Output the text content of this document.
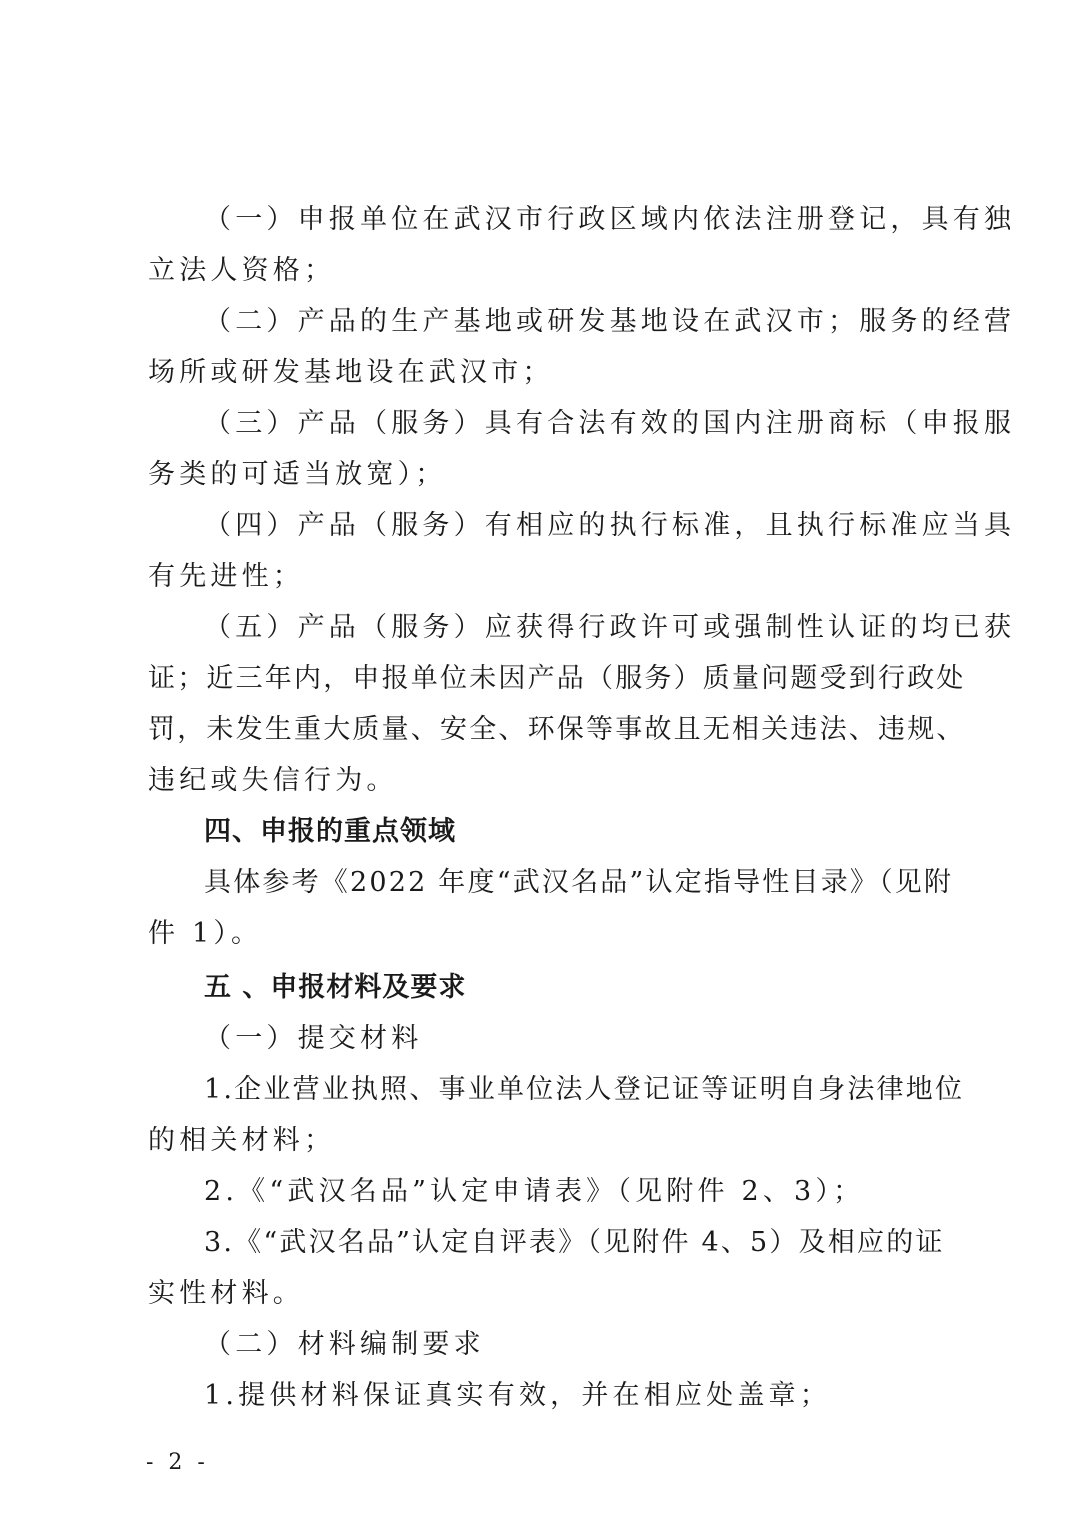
（一）申报单位在武汉市行政区域内依法注册登记，具有独
立法人资格；
（二）产品的生产基地或研发基地设在武汉市；服务的经营
场所或研发基地设在武汉市；
（三）产品（服务）具有合法有效的国内注册商标（申报服
务类的可适当放宽）；
（四）产品（服务）有相应的执行标准，且执行标准应当具
有先进性；
（五）产品（服务）应获得行政许可或强制性认证的均已获
证；近三年内，申报单位未因产品（服务）质量问题受到行政处
罚，未发生重大质量、安全、环保等事故且无相关违法、违规、
违纪或失信行为。
四、申报的重点领域
具体参考《2022 年度“武汉名品”认定指导性目录》（见附
件 1）。
五 、申报材料及要求
（一）提交材料
1.企业营业执照、事业单位法人登记证等证明自身法律地位
的相关材料；
2.《“武汉名品”认定申请表》（见附件 2、3）；
3.《“武汉名品”认定自评表》（见附件 4、5）及相应的证
实性材料。
（二）材料编制要求
1.提供材料保证真实有效，并在相应处盖章；
- 2 -
